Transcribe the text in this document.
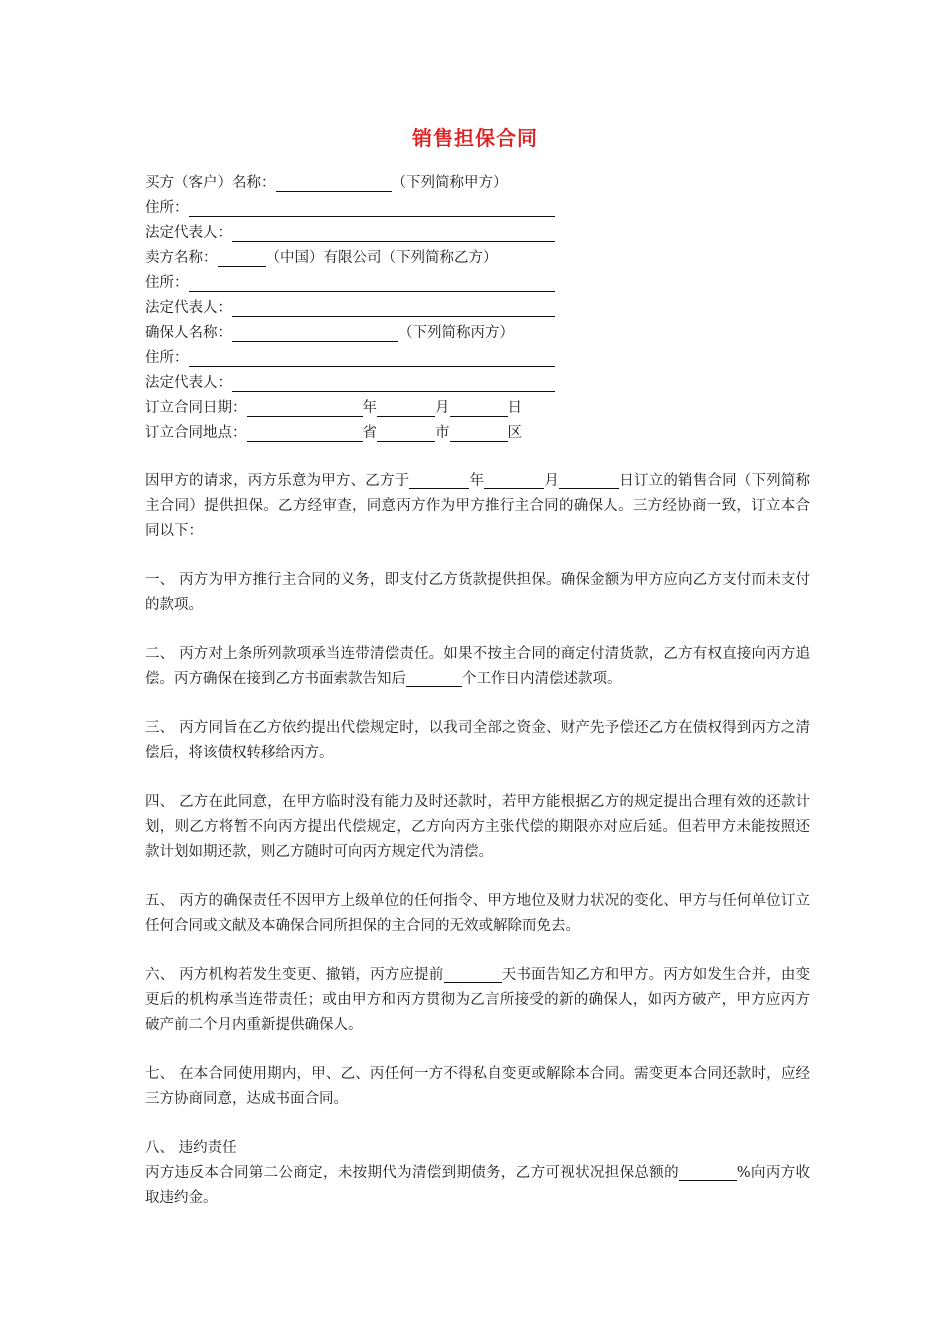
销售担保合同
买方（客户）名称：	（下列简称甲方）
住所：
法定代表人：
卖方名称：	（中国）有限公司（下列简称乙方）
住所：
法定代表人：
确保人名称：	（下列简称丙方）
住所：
法定代表人：
订立合同日期：	年	月	日
订立合同地点：	省	市	区

因甲方的请求，丙方乐意为甲方、乙方于	年	月	日订立的销售合同（下列简称主合同）提供担保。乙方经审查，同意丙方作为甲方推行主合同的确保人。三方经协商一致，订立本合同以下：

一、 丙方为甲方推行主合同的义务，即支付乙方货款提供担保。确保金额为甲方应向乙方支付而未支付的款项。

二、 丙方对上条所列款项承当连带清偿责任。如果不按主合同的商定付清货款，乙方有权直接向丙方追偿。丙方确保在接到乙方书面索款告知后	个工作日内清偿述款项。

三、 丙方同旨在乙方依约提出代偿规定时，以我司全部之资金、财产先予偿还乙方在债权得到丙方之清偿后，将该债权转移给丙方。

四、 乙方在此同意，在甲方临时没有能力及时还款时，若甲方能根据乙方的规定提出合理有效的还款计划，则乙方将暂不向丙方提出代偿规定，乙方向丙方主张代偿的期限亦对应后延。但若甲方未能按照还款计划如期还款，则乙方随时可向丙方规定代为清偿。

五、 丙方的确保责任不因甲方上级单位的任何指令、甲方地位及财力状况的变化、甲方与任何单位订立任何合同或文献及本确保合同所担保的主合同的无效或解除而免去。

六、 丙方机构若发生变更、撤销，丙方应提前	天书面告知乙方和甲方。丙方如发生合并，由变更后的机构承当连带责任；或由甲方和丙方贯彻为乙言所接受的新的确保人，如丙方破产，甲方应丙方破产前二个月内重新提供确保人。

七、 在本合同使用期内，甲、乙、丙任何一方不得私自变更或解除本合同。需变更本合同还款时，应经三方协商同意，达成书面合同。

八、 违约责任

丙方违反本合同第二公商定，未按期代为清偿到期债务，乙方可视状况担保总额的	%向丙方收取违约金。
